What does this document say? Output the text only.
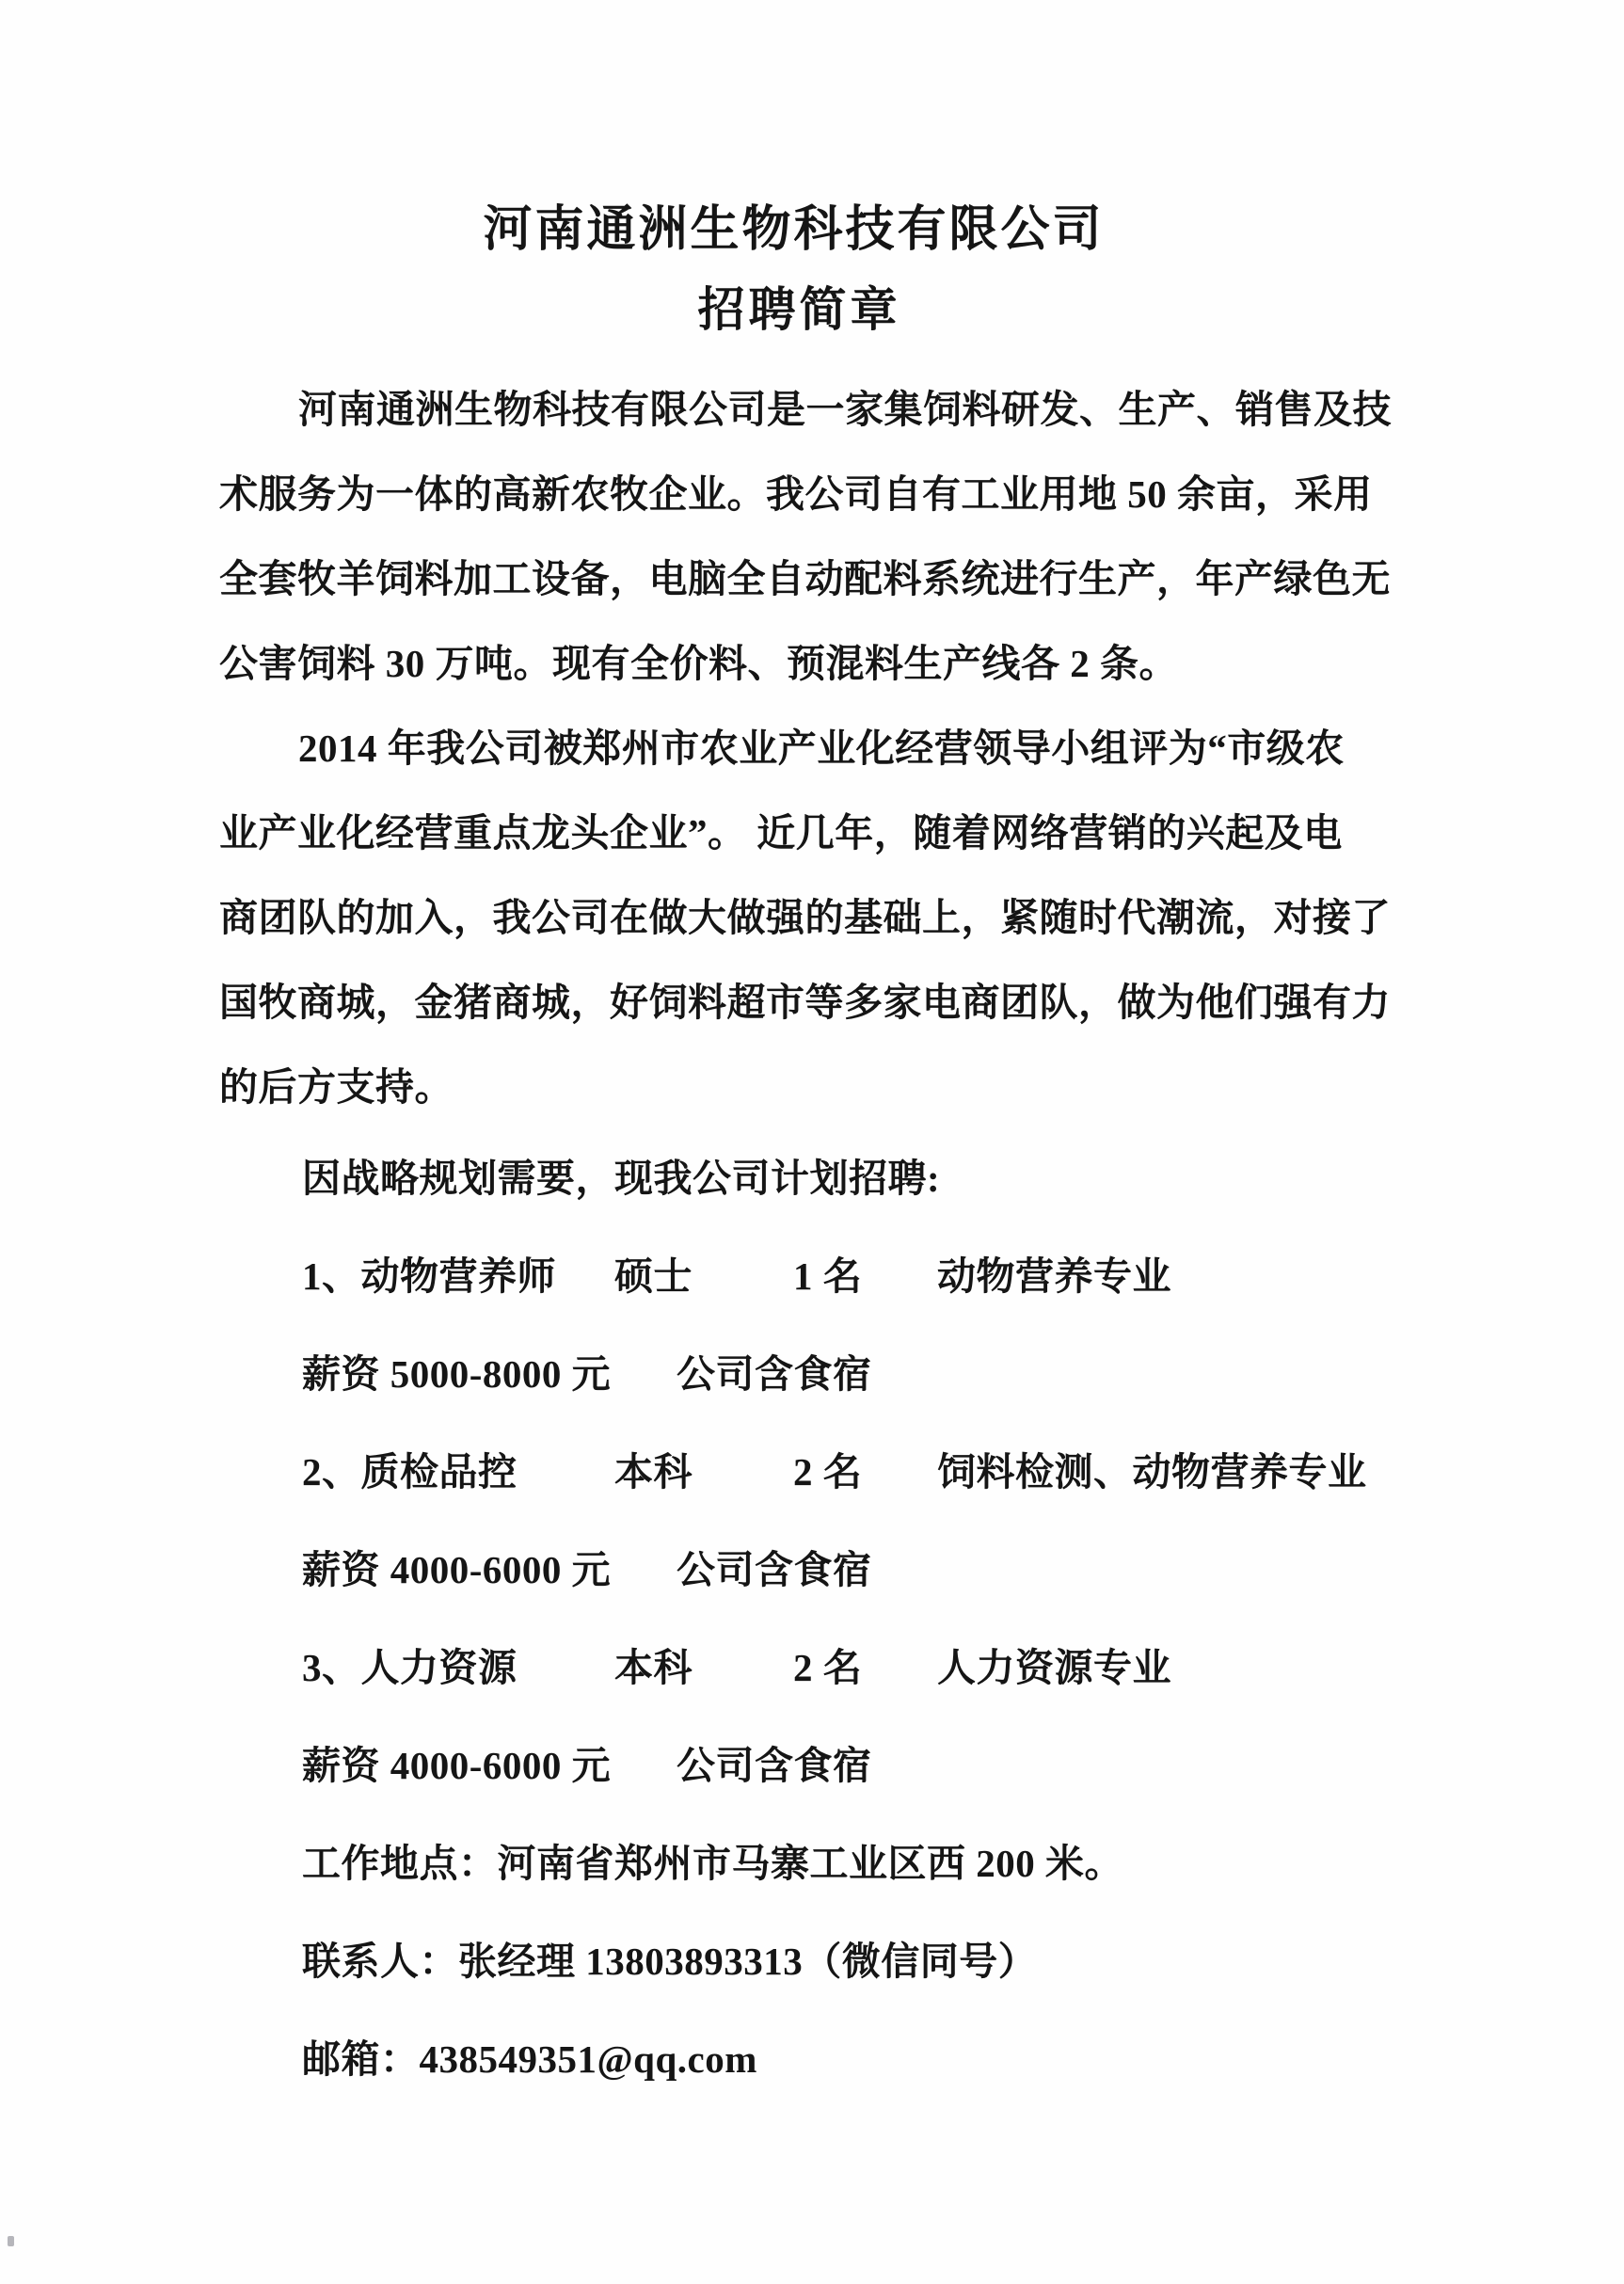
河南通洲生物科技有限公司
招聘简章
河南通洲生物科技有限公司是一家集饲料研发、生产、销售及技
术服务为一体的高新农牧企业。我公司自有工业用地 50 余亩，采用
全套牧羊饲料加工设备，电脑全自动配料系统进行生产，年产绿色无
公害饲料 30 万吨。现有全价料、预混料生产线各 2 条。
2014 年我公司被郑州市农业产业化经营领导小组评为“市级农
业产业化经营重点龙头企业”。 近几年，随着网络营销的兴起及电
商团队的加入，我公司在做大做强的基础上，紧随时代潮流，对接了
国牧商城，金猪商城，好饲料超市等多家电商团队，做为他们强有力
的后方支持。
因战略规划需要，现我公司计划招聘:
1、动物营养师 硕士	1 名 动物营养专业
薪资 5000-8000 元 公司含食宿
2、质检品控	本科	2 名 饲料检测、动物营养专业
薪资 4000-6000 元 公司含食宿
3、人力资源	本科	2 名 人力资源专业
薪资 4000-6000 元 公司含食宿
工作地点：河南省郑州市马寨工业区西 200 米。
联系人：张经理 13803893313（微信同号）
邮箱：438549351@qq.com
